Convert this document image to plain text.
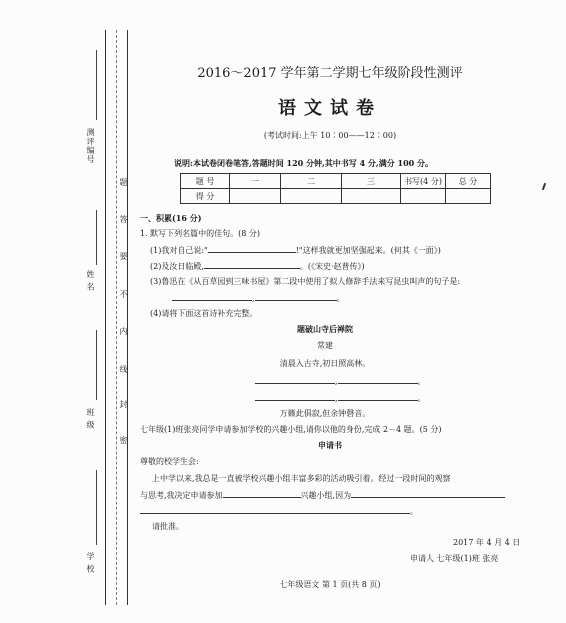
测评编号
姓 名
班 级
学 校
题
答
要
不
内
线
封
密
2016～2017 学年第二学期七年级阶段性测评
语文试卷
(考试时间:上午 10∶00——12∶00)
说明:本试卷闭卷笔答,答题时间 120 分钟,其中书写 4 分,满分 100 分。
题 号	一	二	三	书写(4 分)	总 分
得 分					
一、积累(16 分)
1. 默写下列名篇中的佳句。(8 分)
(1)我对自己说:"	!"这样我就更加坚强起来。(何其《一面》)
(2)及汝日临殿,	。(《宋史·赵普传》)
(3)鲁迅在《从百草园到三味书屋》第二段中使用了拟人修辞手法来写昆虫叫声的句子是:
,	。
(4)请将下面这首诗补充完整。
题破山寺后禅院
常建
清晨入古寺,初日照高林。
,	。
,	。
万籁此俱寂,但余钟磬音。
七年级(1)班张亮同学申请参加学校的兴趣小组,请你以他的身份,完成 2－4 题。(5 分)
申请书
尊敬的校学生会:
上中学以来,我总是一直被学校兴趣小组丰富多彩的活动吸引着。经过一段时间的观察
与思考,我决定申请参加	兴趣小组,因为
。
请批准。
2017 年 4 月 4 日
申请人 七年级(1)班 张亮
七年级语文 第 1 页(共 8 页)
